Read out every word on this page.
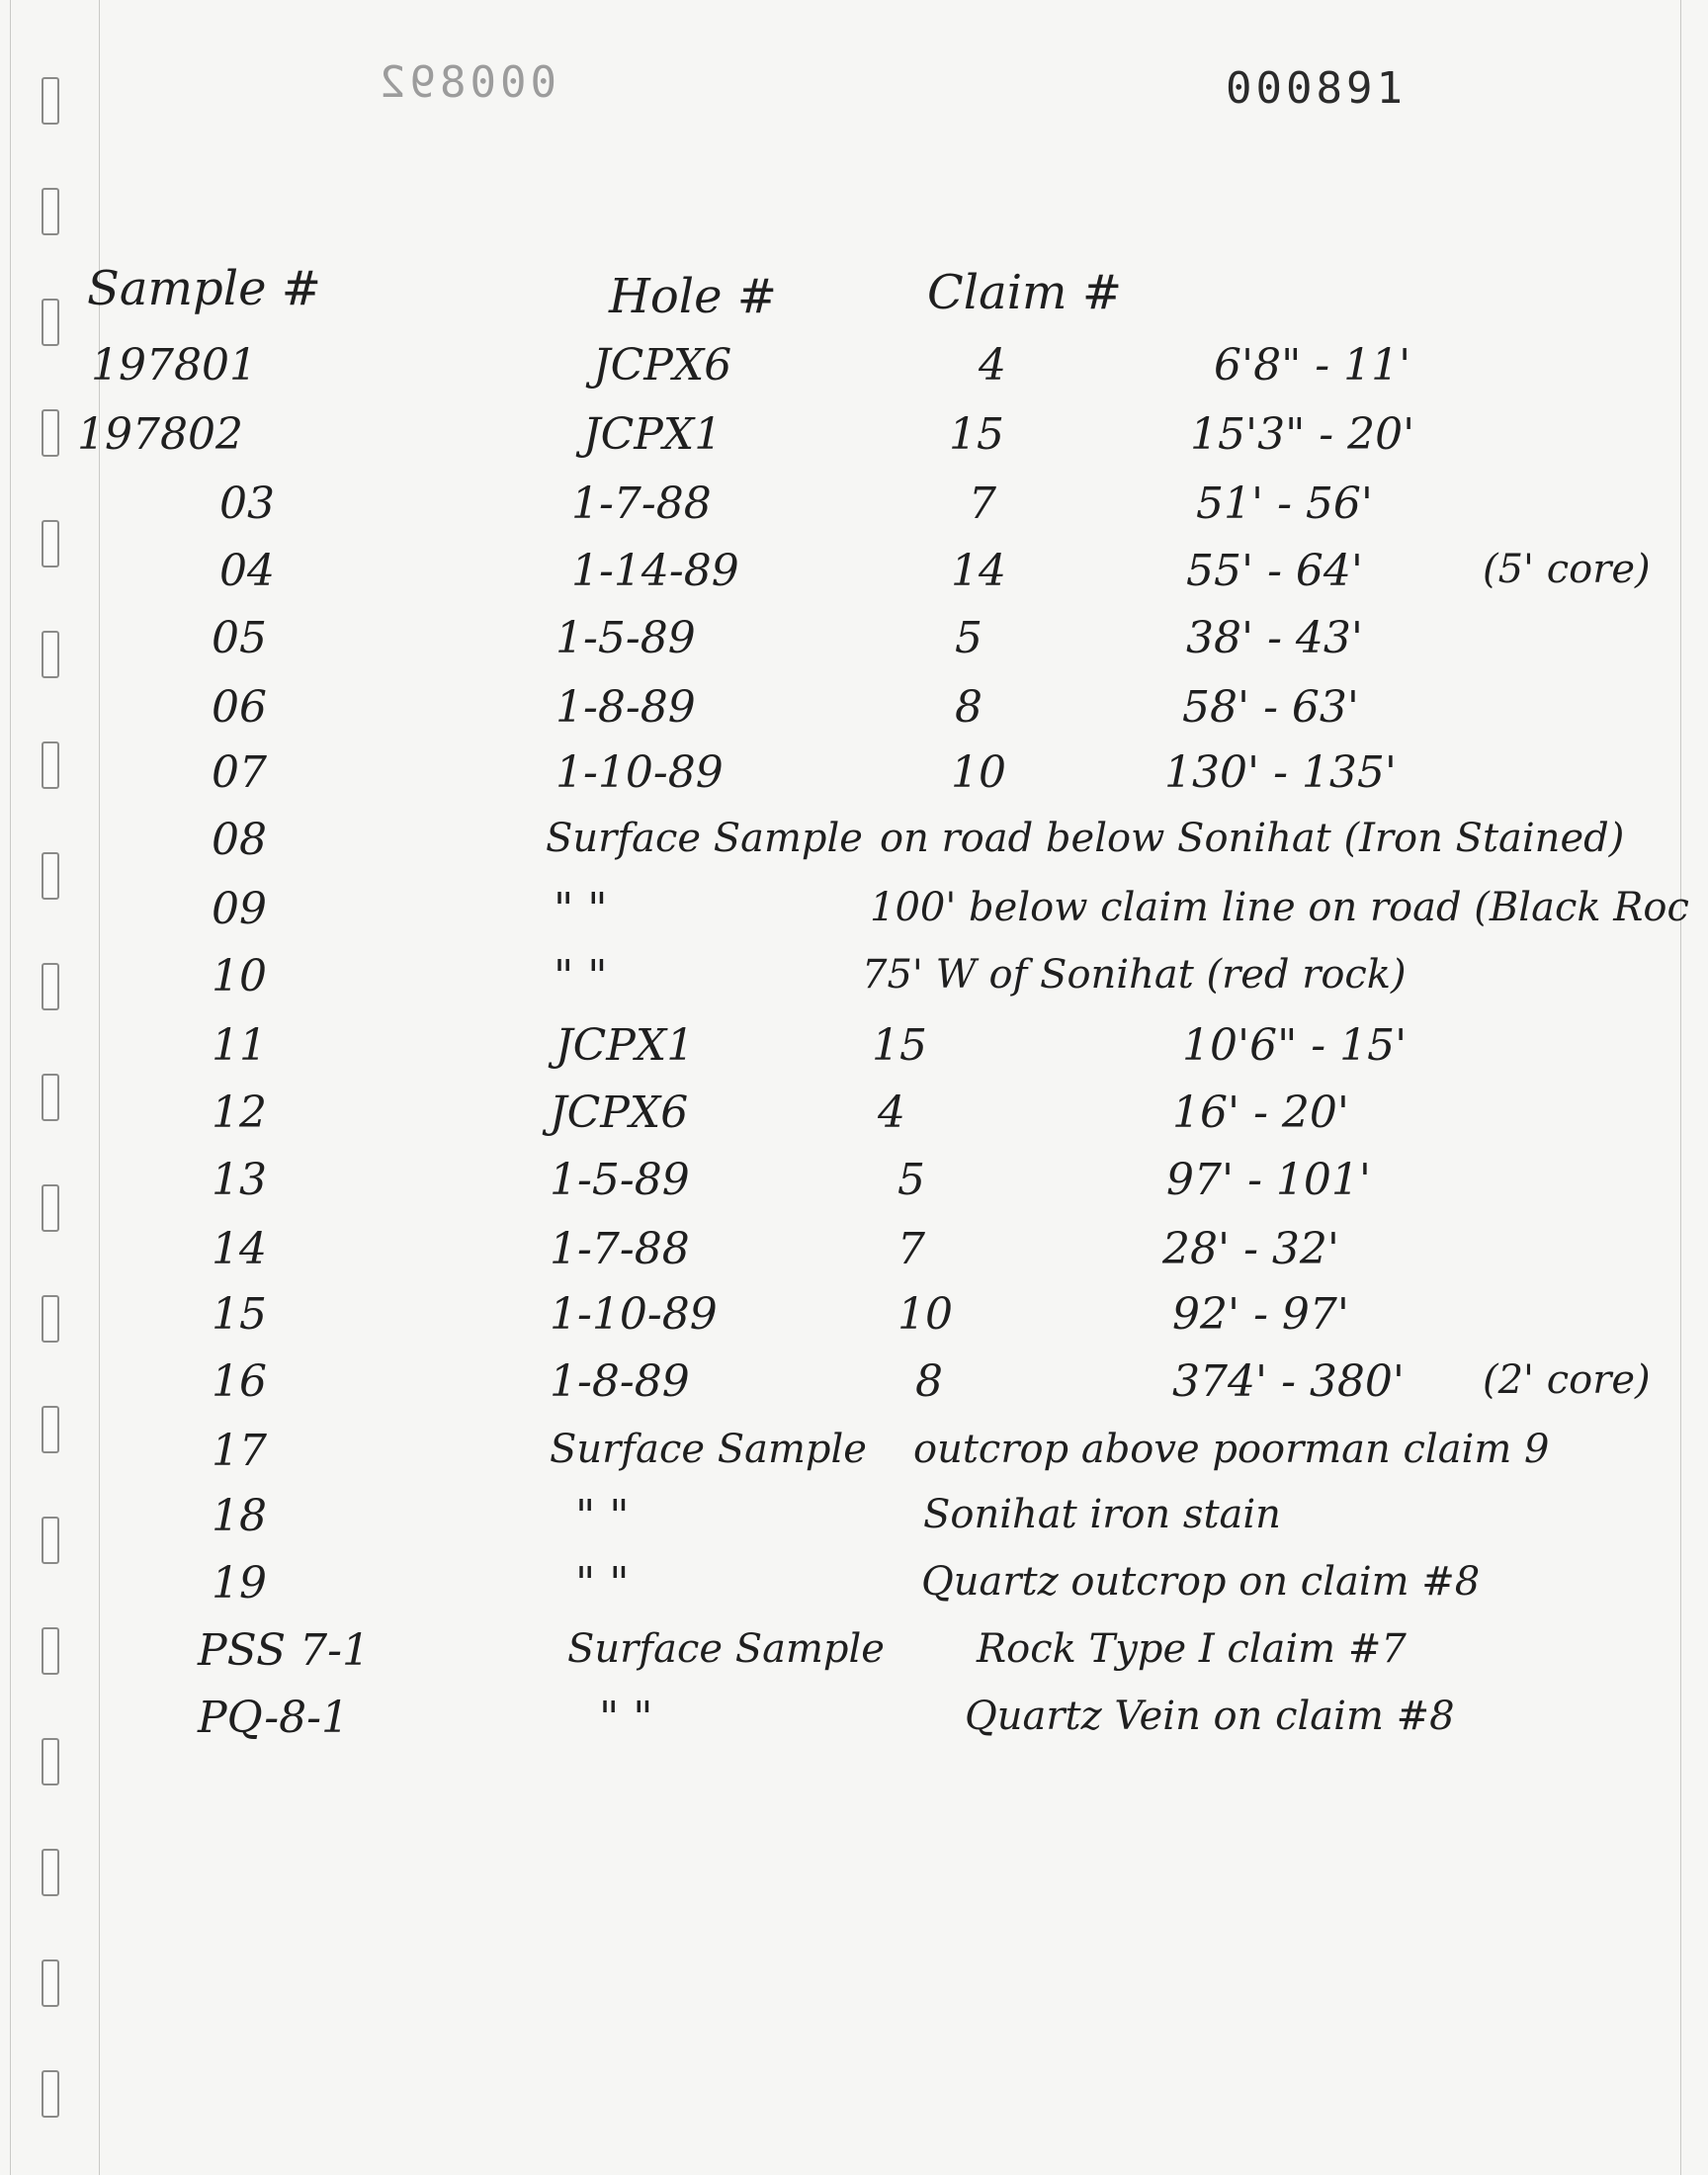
000892	000891
Sample #	Hole #	Claim #
197801	JCPX6	4	6'8" - 11'
197802	JCPX1	15	15'3" - 20'
03	1-7-88	7	51' - 56'
04	1-14-89	14	55' - 64'	(5' core)
05	1-5-89	5	38' - 43'
06	1-8-89	8	58' - 63'
07	1-10-89	10	130' - 135'
08	Surface Sample on road below Sonihat (Iron Stained)
09	" "	100' below claim line on road (Black Roc
10	" "	75' W of Sonihat (red rock)
11	JCPX1	15	10'6" - 15'
12	JCPX6	4	16' - 20'
13	1-5-89	5	97' - 101'
14	1-7-88	7	28' - 32'
15	1-10-89	10	92' - 97'
16	1-8-89	8	374' - 380' (2' core)
17	Surface Sample outcrop above poorman claim 9
18	" "	Sonihat iron stain
19	" "	Quartz outcrop on claim #8
PSS 7-1	Surface Sample Rock Type I claim #7
PQ-8-1	" "	Quartz Vein on claim #8
